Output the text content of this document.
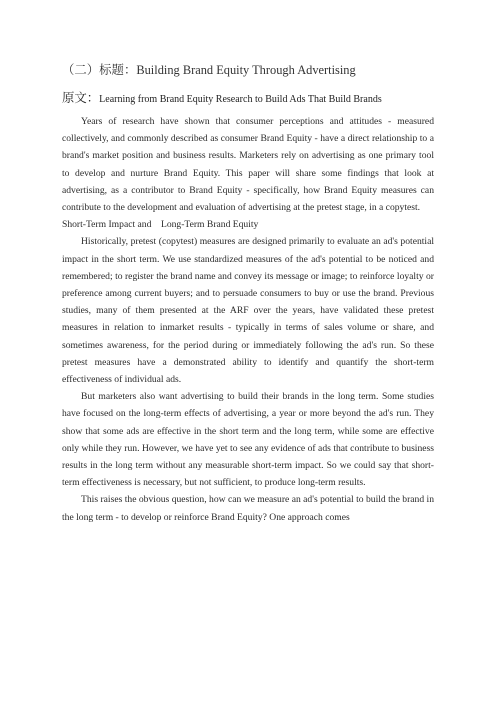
（二）标题：Building Brand Equity Through Advertising
原文：Learning from Brand Equity Research to Build Ads That Build Brands

Years of research have shown that consumer perceptions and attitudes - measured collectively, and commonly described as consumer Brand Equity - have a direct relationship to a brand's market position and business results. Marketers rely on advertising as one primary tool to develop and nurture Brand Equity. This paper will share some findings that look at advertising, as a contributor to Brand Equity - specifically, how Brand Equity measures can contribute to the development and evaluation of advertising at the pretest stage, in a copytest.

Short-Term Impact and    Long-Term Brand Equity

Historically, pretest (copytest) measures are designed primarily to evaluate an ad's potential impact in the short term. We use standardized measures of the ad's potential to be noticed and remembered; to register the brand name and convey its message or image; to reinforce loyalty or preference among current buyers; and to persuade consumers to buy or use the brand. Previous studies, many of them presented at the ARF over the years, have validated these pretest measures in relation to inmarket results - typically in terms of sales volume or share, and sometimes awareness, for the period during or immediately following the ad's run. So these pretest measures have a demonstrated ability to identify and quantify the short-term effectiveness of individual ads.

But marketers also want advertising to build their brands in the long term. Some studies have focused on the long-term effects of advertising, a year or more beyond the ad's run. They show that some ads are effective in the short term and the long term, while some are effective only while they run. However, we have yet to see any evidence of ads that contribute to business results in the long term without any measurable short-term impact. So we could say that short-term effectiveness is necessary, but not sufficient, to produce long-term results.

This raises the obvious question, how can we measure an ad's potential to build the brand in the long term - to develop or reinforce Brand Equity? One approach comes
